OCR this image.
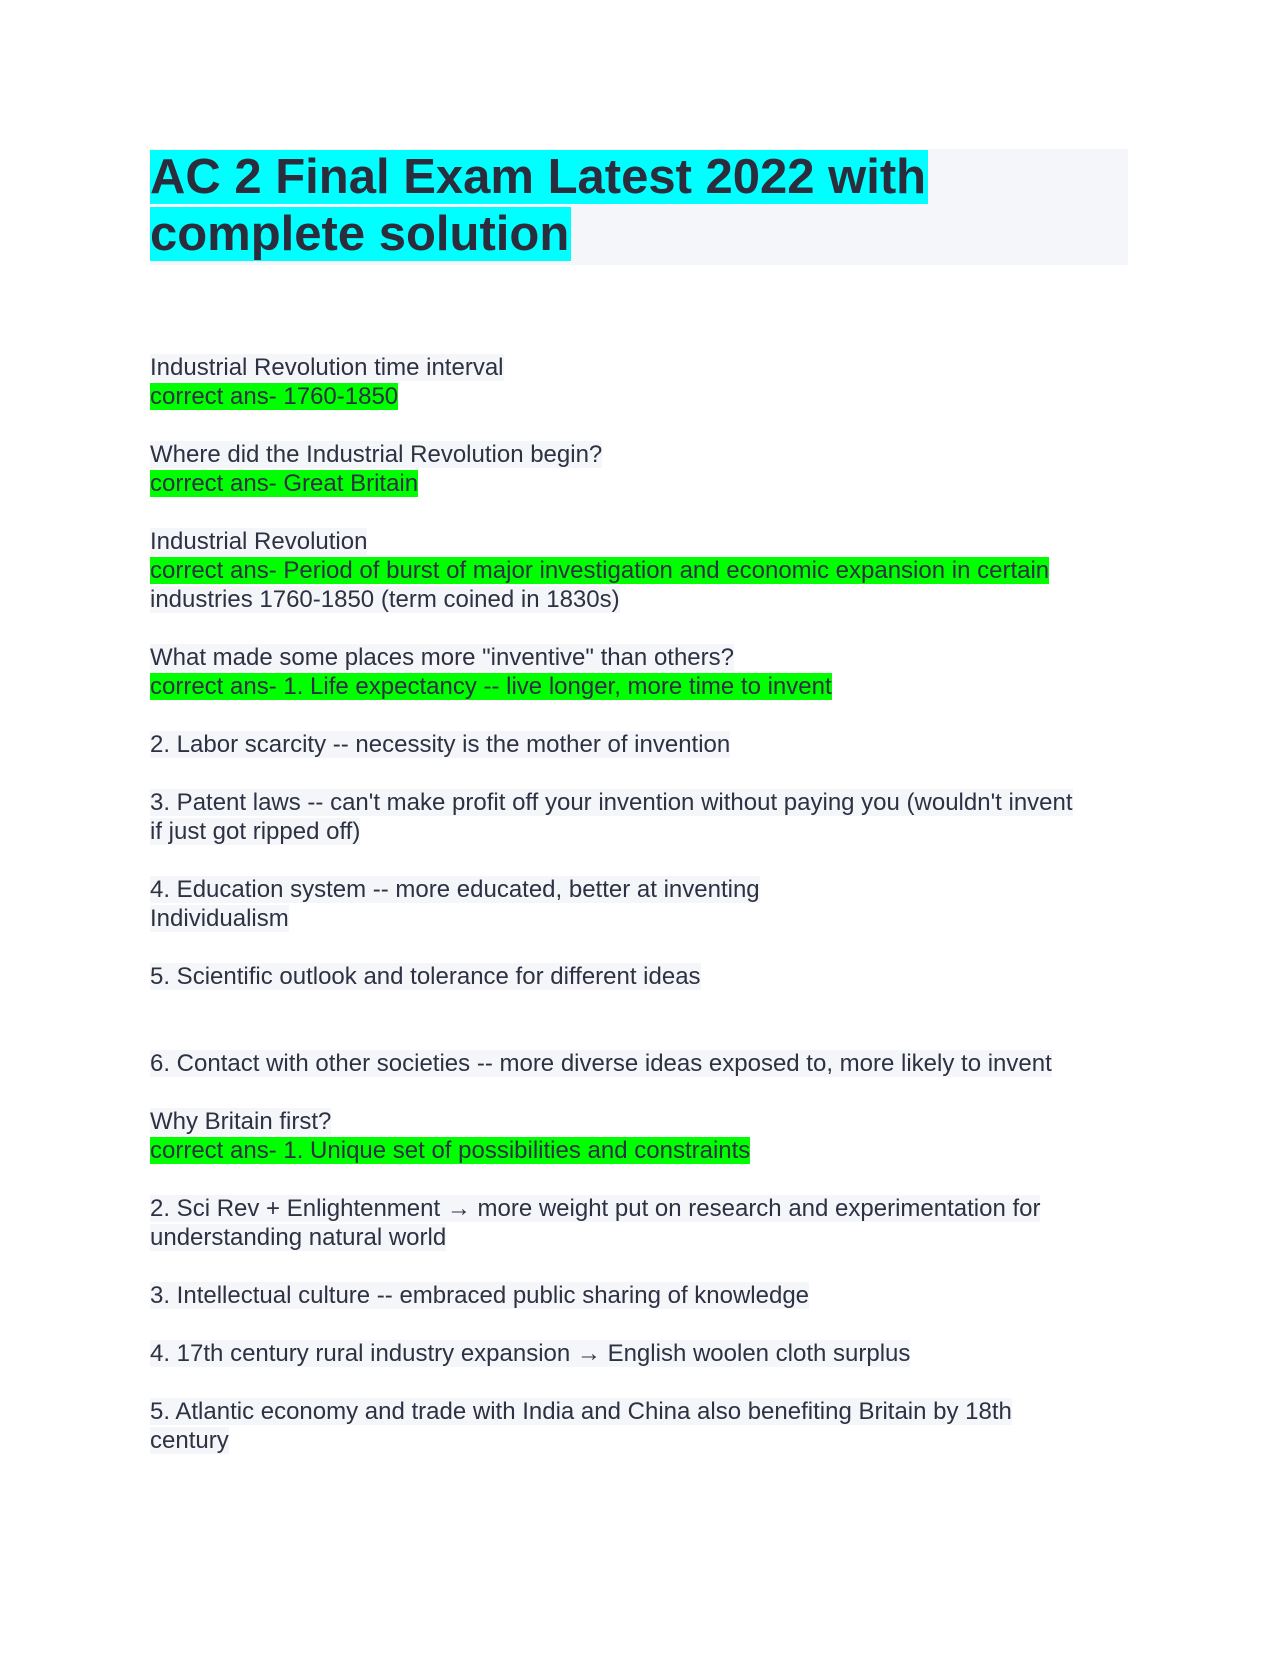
AC 2 Final Exam Latest 2022 with
complete solution
Industrial Revolution time interval
correct ans- 1760-1850
Where did the Industrial Revolution begin?
correct ans- Great Britain
Industrial Revolution
correct ans- Period of burst of major investigation and economic expansion in certain
industries 1760-1850 (term coined in 1830s)
What made some places more "inventive" than others?
correct ans- 1. Life expectancy -- live longer, more time to invent
2. Labor scarcity -- necessity is the mother of invention
3. Patent laws -- can't make profit off your invention without paying you (wouldn't invent
if just got ripped off)
4. Education system -- more educated, better at inventing
Individualism
5. Scientific outlook and tolerance for different ideas
6. Contact with other societies -- more diverse ideas exposed to, more likely to invent
Why Britain first?
correct ans- 1. Unique set of possibilities and constraints
2. Sci Rev + Enlightenment → more weight put on research and experimentation for
understanding natural world
3. Intellectual culture -- embraced public sharing of knowledge
4. 17th century rural industry expansion → English woolen cloth surplus
5. Atlantic economy and trade with India and China also benefiting Britain by 18th
century
